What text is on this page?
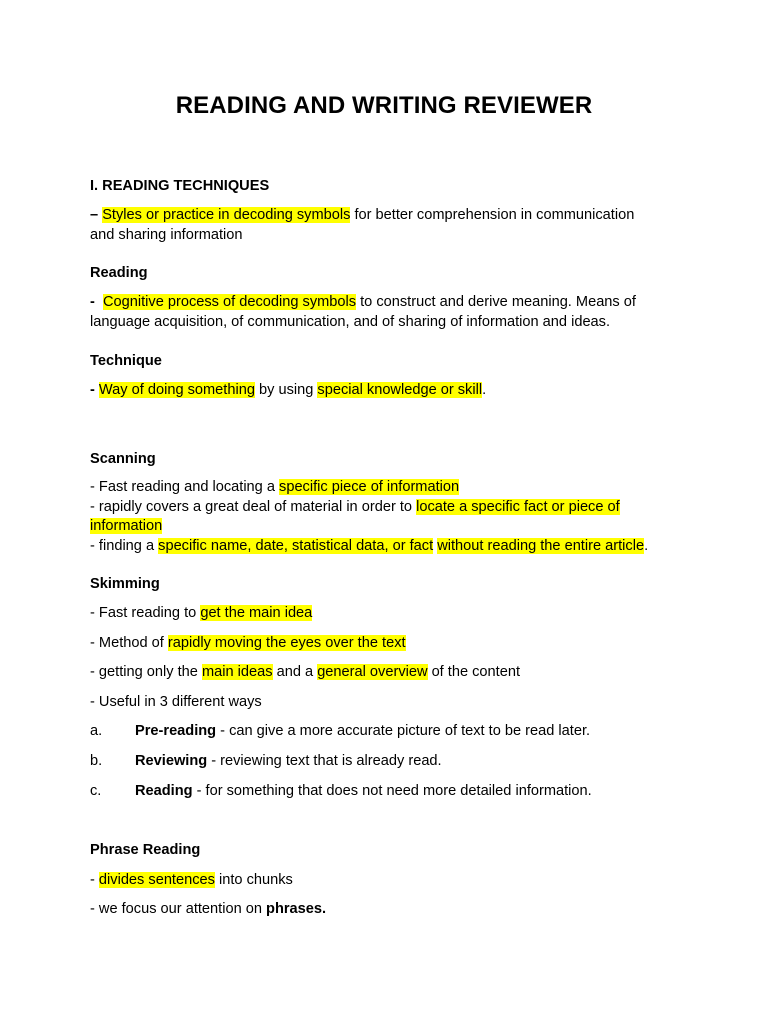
READING AND WRITING REVIEWER
I. READING TECHNIQUES
– Styles or practice in decoding symbols for better comprehension in communication
and sharing information
Reading
-  Cognitive process of decoding symbols to construct and derive meaning. Means of
language acquisition, of communication, and of sharing of information and ideas.
Technique
- Way of doing something by using special knowledge or skill.
Scanning
- Fast reading and locating a specific piece of information
- rapidly covers a great deal of material in order to locate a specific fact or piece of
information
- finding a specific name, date, statistical data, or fact without reading the entire article.
Skimming
- Fast reading to get the main idea
- Method of rapidly moving the eyes over the text
- getting only the main ideas and a general overview of the content
- Useful in 3 different ways
a. Pre-reading - can give a more accurate picture of text to be read later.
b. Reviewing - reviewing text that is already read.
c. Reading - for something that does not need more detailed information.
Phrase Reading
- divides sentences into chunks
- we focus our attention on phrases.
